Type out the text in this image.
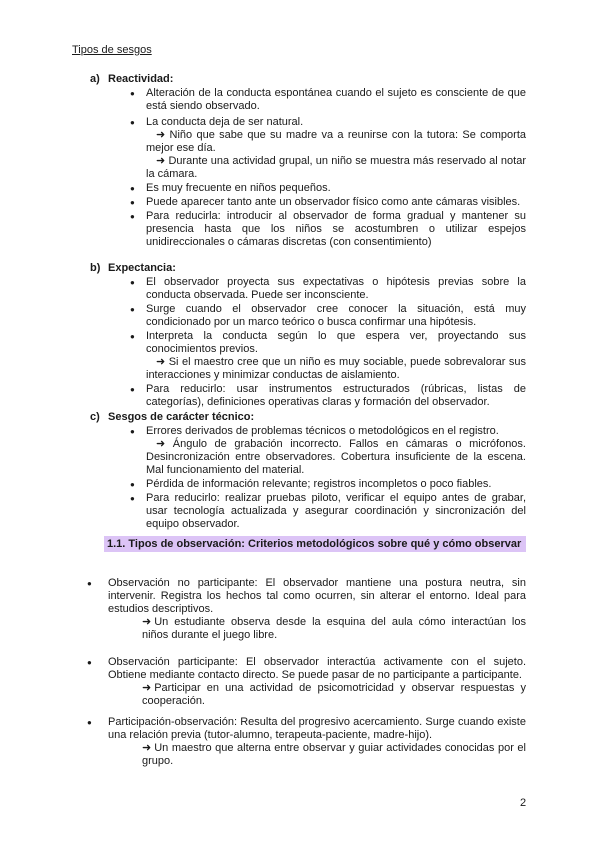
Tipos de sesgos
a) Reactividad:
● Alteración de la conducta espontánea cuando el sujeto es consciente de que está siendo observado.
● La conducta deja de ser natural.
➜ Niño que sabe que su madre va a reunirse con la tutora: Se comporta mejor ese día.
➜ Durante una actividad grupal, un niño se muestra más reservado al notar la cámara.
● Es muy frecuente en niños pequeños.
● Puede aparecer tanto ante un observador físico como ante cámaras visibles.
● Para reducirla: introducir al observador de forma gradual y mantener su presencia hasta que los niños se acostumbren o utilizar espejos unidireccionales o cámaras discretas (con consentimiento)
b) Expectancia:
● El observador proyecta sus expectativas o hipótesis previas sobre la conducta observada. Puede ser inconsciente.
● Surge cuando el observador cree conocer la situación, está muy condicionado por un marco teórico o busca confirmar una hipótesis.
● Interpreta la conducta según lo que espera ver, proyectando sus conocimientos previos.
➜ Si el maestro cree que un niño es muy sociable, puede sobrevalorar sus interacciones y minimizar conductas de aislamiento.
● Para reducirlo: usar instrumentos estructurados (rúbricas, listas de categorías), definiciones operativas claras y formación del observador.
c) Sesgos de carácter técnico:
● Errores derivados de problemas técnicos o metodológicos en el registro.
➜ Ángulo de grabación incorrecto. Fallos en cámaras o micrófonos. Desincronización entre observadores. Cobertura insuficiente de la escena. Mal funcionamiento del material.
● Pérdida de información relevante; registros incompletos o poco fiables.
● Para reducirlo: realizar pruebas piloto, verificar el equipo antes de grabar, usar tecnología actualizada y asegurar coordinación y sincronización del equipo observador.
1.1. Tipos de observación: Criterios metodológicos sobre qué y cómo observar
● Observación no participante: El observador mantiene una postura neutra, sin intervenir. Registra los hechos tal como ocurren, sin alterar el entorno. Ideal para estudios descriptivos.
➜ Un estudiante observa desde la esquina del aula cómo interactúan los niños durante el juego libre.
● Observación participante: El observador interactúa activamente con el sujeto. Obtiene mediante contacto directo. Se puede pasar de no participante a participante.
➜ Participar en una actividad de psicomotricidad y observar respuestas y cooperación.
● Participación-observación: Resulta del progresivo acercamiento. Surge cuando existe una relación previa (tutor-alumno, terapeuta-paciente, madre-hijo).
➜ Un maestro que alterna entre observar y guiar actividades conocidas por el grupo.
2
